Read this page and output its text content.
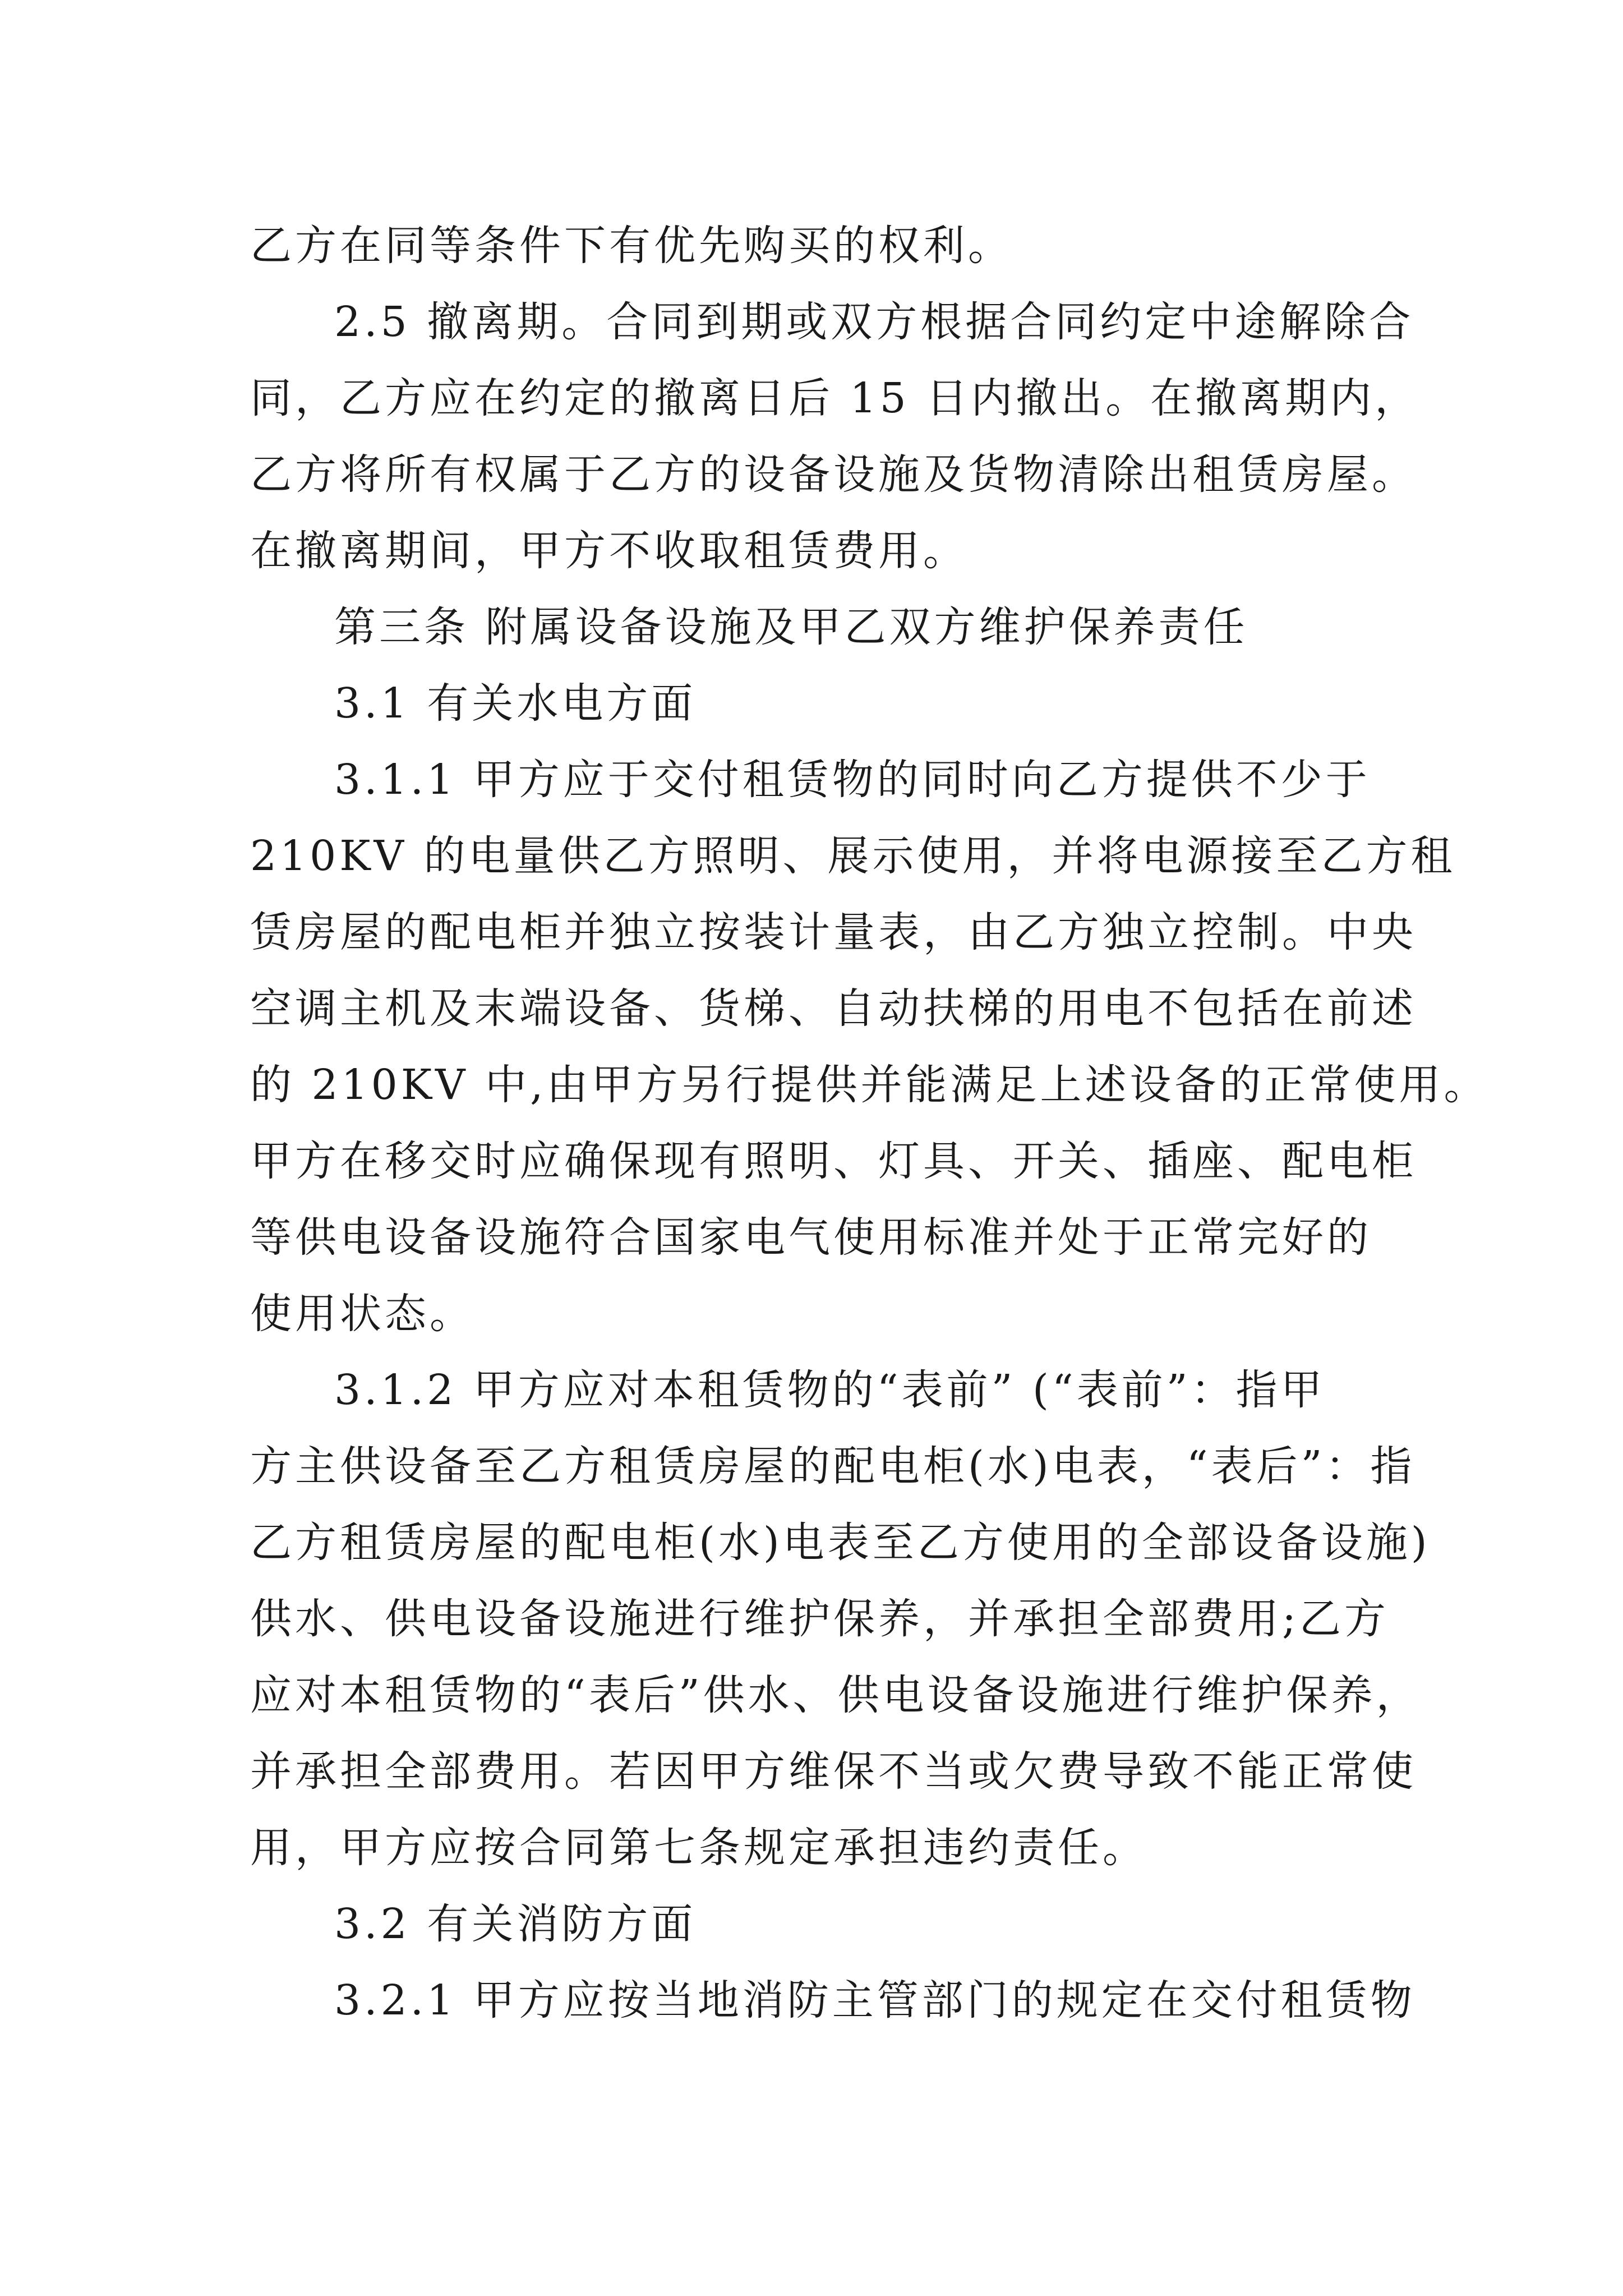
乙方在同等条件下有优先购买的权利。
2.5 撤离期。合同到期或双方根据合同约定中途解除合
同，乙方应在约定的撤离日后 15 日内撤出。在撤离期内，
乙方将所有权属于乙方的设备设施及货物清除出租赁房屋。
在撤离期间，甲方不收取租赁费用。
第三条 附属设备设施及甲乙双方维护保养责任
3.1 有关水电方面
3.1.1 甲方应于交付租赁物的同时向乙方提供不少于
210KV 的电量供乙方照明、展示使用，并将电源接至乙方租
赁房屋的配电柜并独立按装计量表，由乙方独立控制。中央
空调主机及末端设备、货梯、自动扶梯的用电不包括在前述
的 210KV 中,由甲方另行提供并能满足上述设备的正常使用。
甲方在移交时应确保现有照明、灯具、开关、插座、配电柜
等供电设备设施符合国家电气使用标准并处于正常完好的
使用状态。
3.1.2 甲方应对本租赁物的“表前” (“表前”：指甲
方主供设备至乙方租赁房屋的配电柜(水)电表，“表后”：指
乙方租赁房屋的配电柜(水)电表至乙方使用的全部设备设施)
供水、供电设备设施进行维护保养，并承担全部费用;乙方
应对本租赁物的“表后”供水、供电设备设施进行维护保养，
并承担全部费用。若因甲方维保不当或欠费导致不能正常使
用，甲方应按合同第七条规定承担违约责任。
3.2 有关消防方面
3.2.1 甲方应按当地消防主管部门的规定在交付租赁物
